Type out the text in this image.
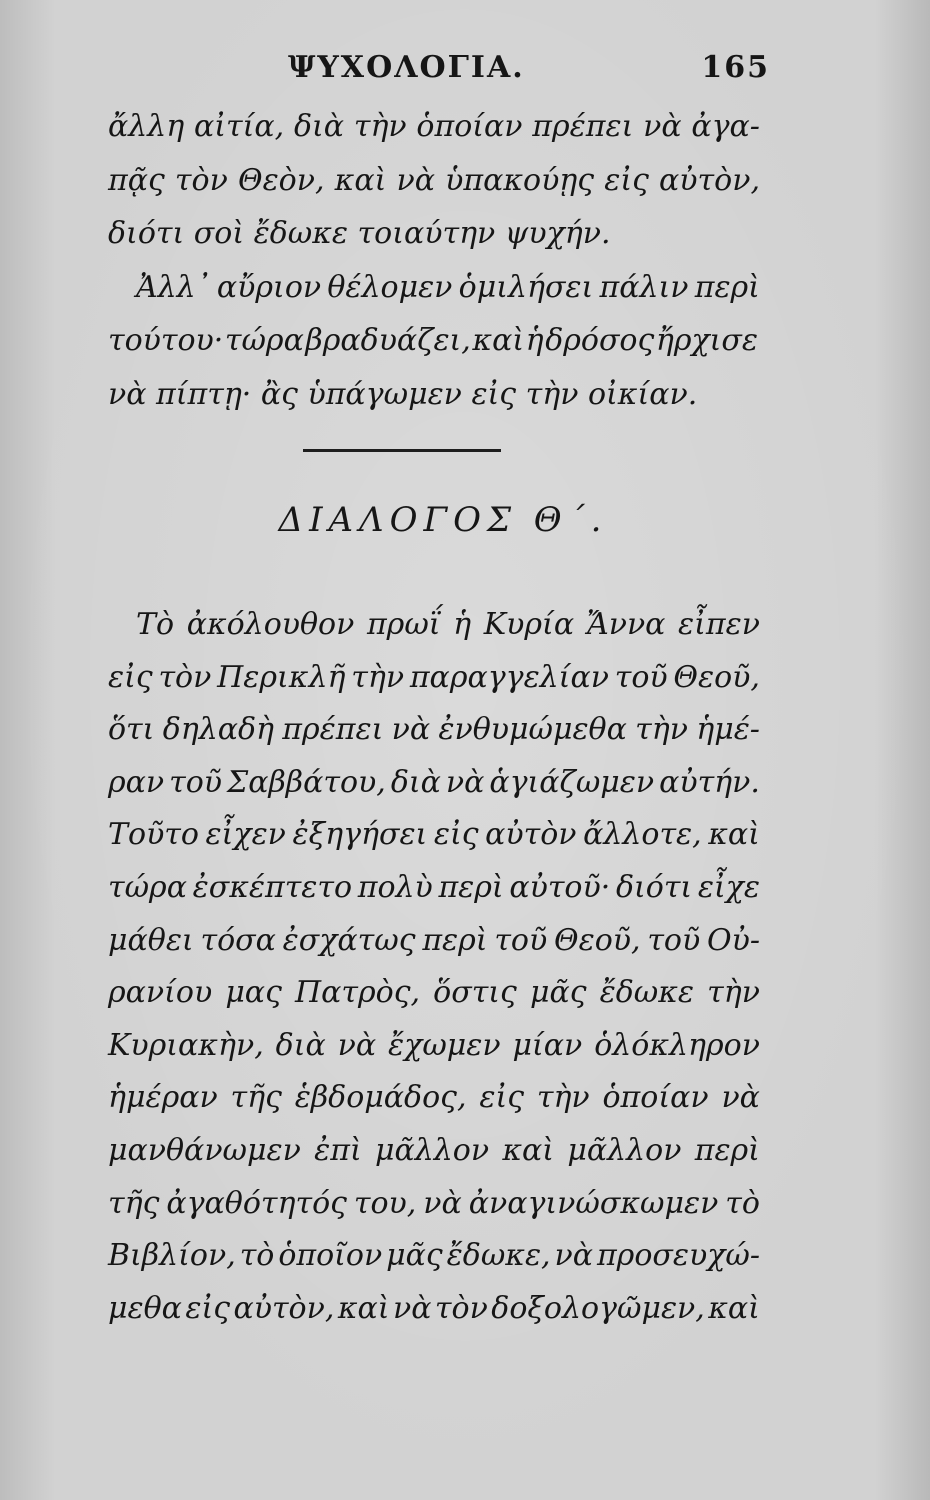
ΨΥΧΟΛΟΓΙΑ.	165
ἄλλη αἰτία, διὰ τὴν ὁποίαν πρέπει νὰ ἀγα-
πᾷς τὸν Θεὸν, καὶ νὰ ὑπακούῃς εἰς αὐτὸν,
διότι σοὶ ἔδωκε τοιαύτην ψυχήν.
Ἀλλ᾽ αὔριον θέλομεν ὁμιλήσει πάλιν περὶ
τούτου· τώρα βραδυάζει, καὶ ἡ δρόσος ἤρχισε
νὰ πίπτῃ· ἂς ὑπάγωμεν εἰς τὴν οἰκίαν.
ΔΙΑΛΟΓΟΣ Θ΄.
Τὸ ἀκόλουθον πρωΐ ἡ Κυρία Ἄννα εἶπεν
εἰς τὸν Περικλῆ τὴν παραγγελίαν τοῦ Θεοῦ,
ὅτι δηλαδὴ πρέπει νὰ ἐνθυμώμεθα τὴν ἡμέ-
ραν τοῦ Σαββάτου, διὰ νὰ ἁγιάζωμεν αὐτήν.
Τοῦτο εἶχεν ἐξηγήσει εἰς αὐτὸν ἄλλοτε, καὶ
τώρα ἐσκέπτετο πολὺ περὶ αὐτοῦ· διότι εἶχε
μάθει τόσα ἐσχάτως περὶ τοῦ Θεοῦ, τοῦ Οὐ-
ρανίου μας Πατρὸς, ὅστις μᾶς ἔδωκε τὴν
Κυριακὴν, διὰ νὰ ἔχωμεν μίαν ὁλόκληρον
ἡμέραν τῆς ἑβδομάδος, εἰς τὴν ὁποίαν νὰ
μανθάνωμεν ἐπὶ μᾶλλον καὶ μᾶλλον περὶ
τῆς ἀγαθότητός του, νὰ ἀναγινώσκωμεν τὸ
Βιβλίον, τὸ ὁποῖον μᾶς ἔδωκε, νὰ προσευχώ-
μεθα εἰς αὐτὸν, καὶ νὰ τὸν δοξολογῶμεν, καὶ
